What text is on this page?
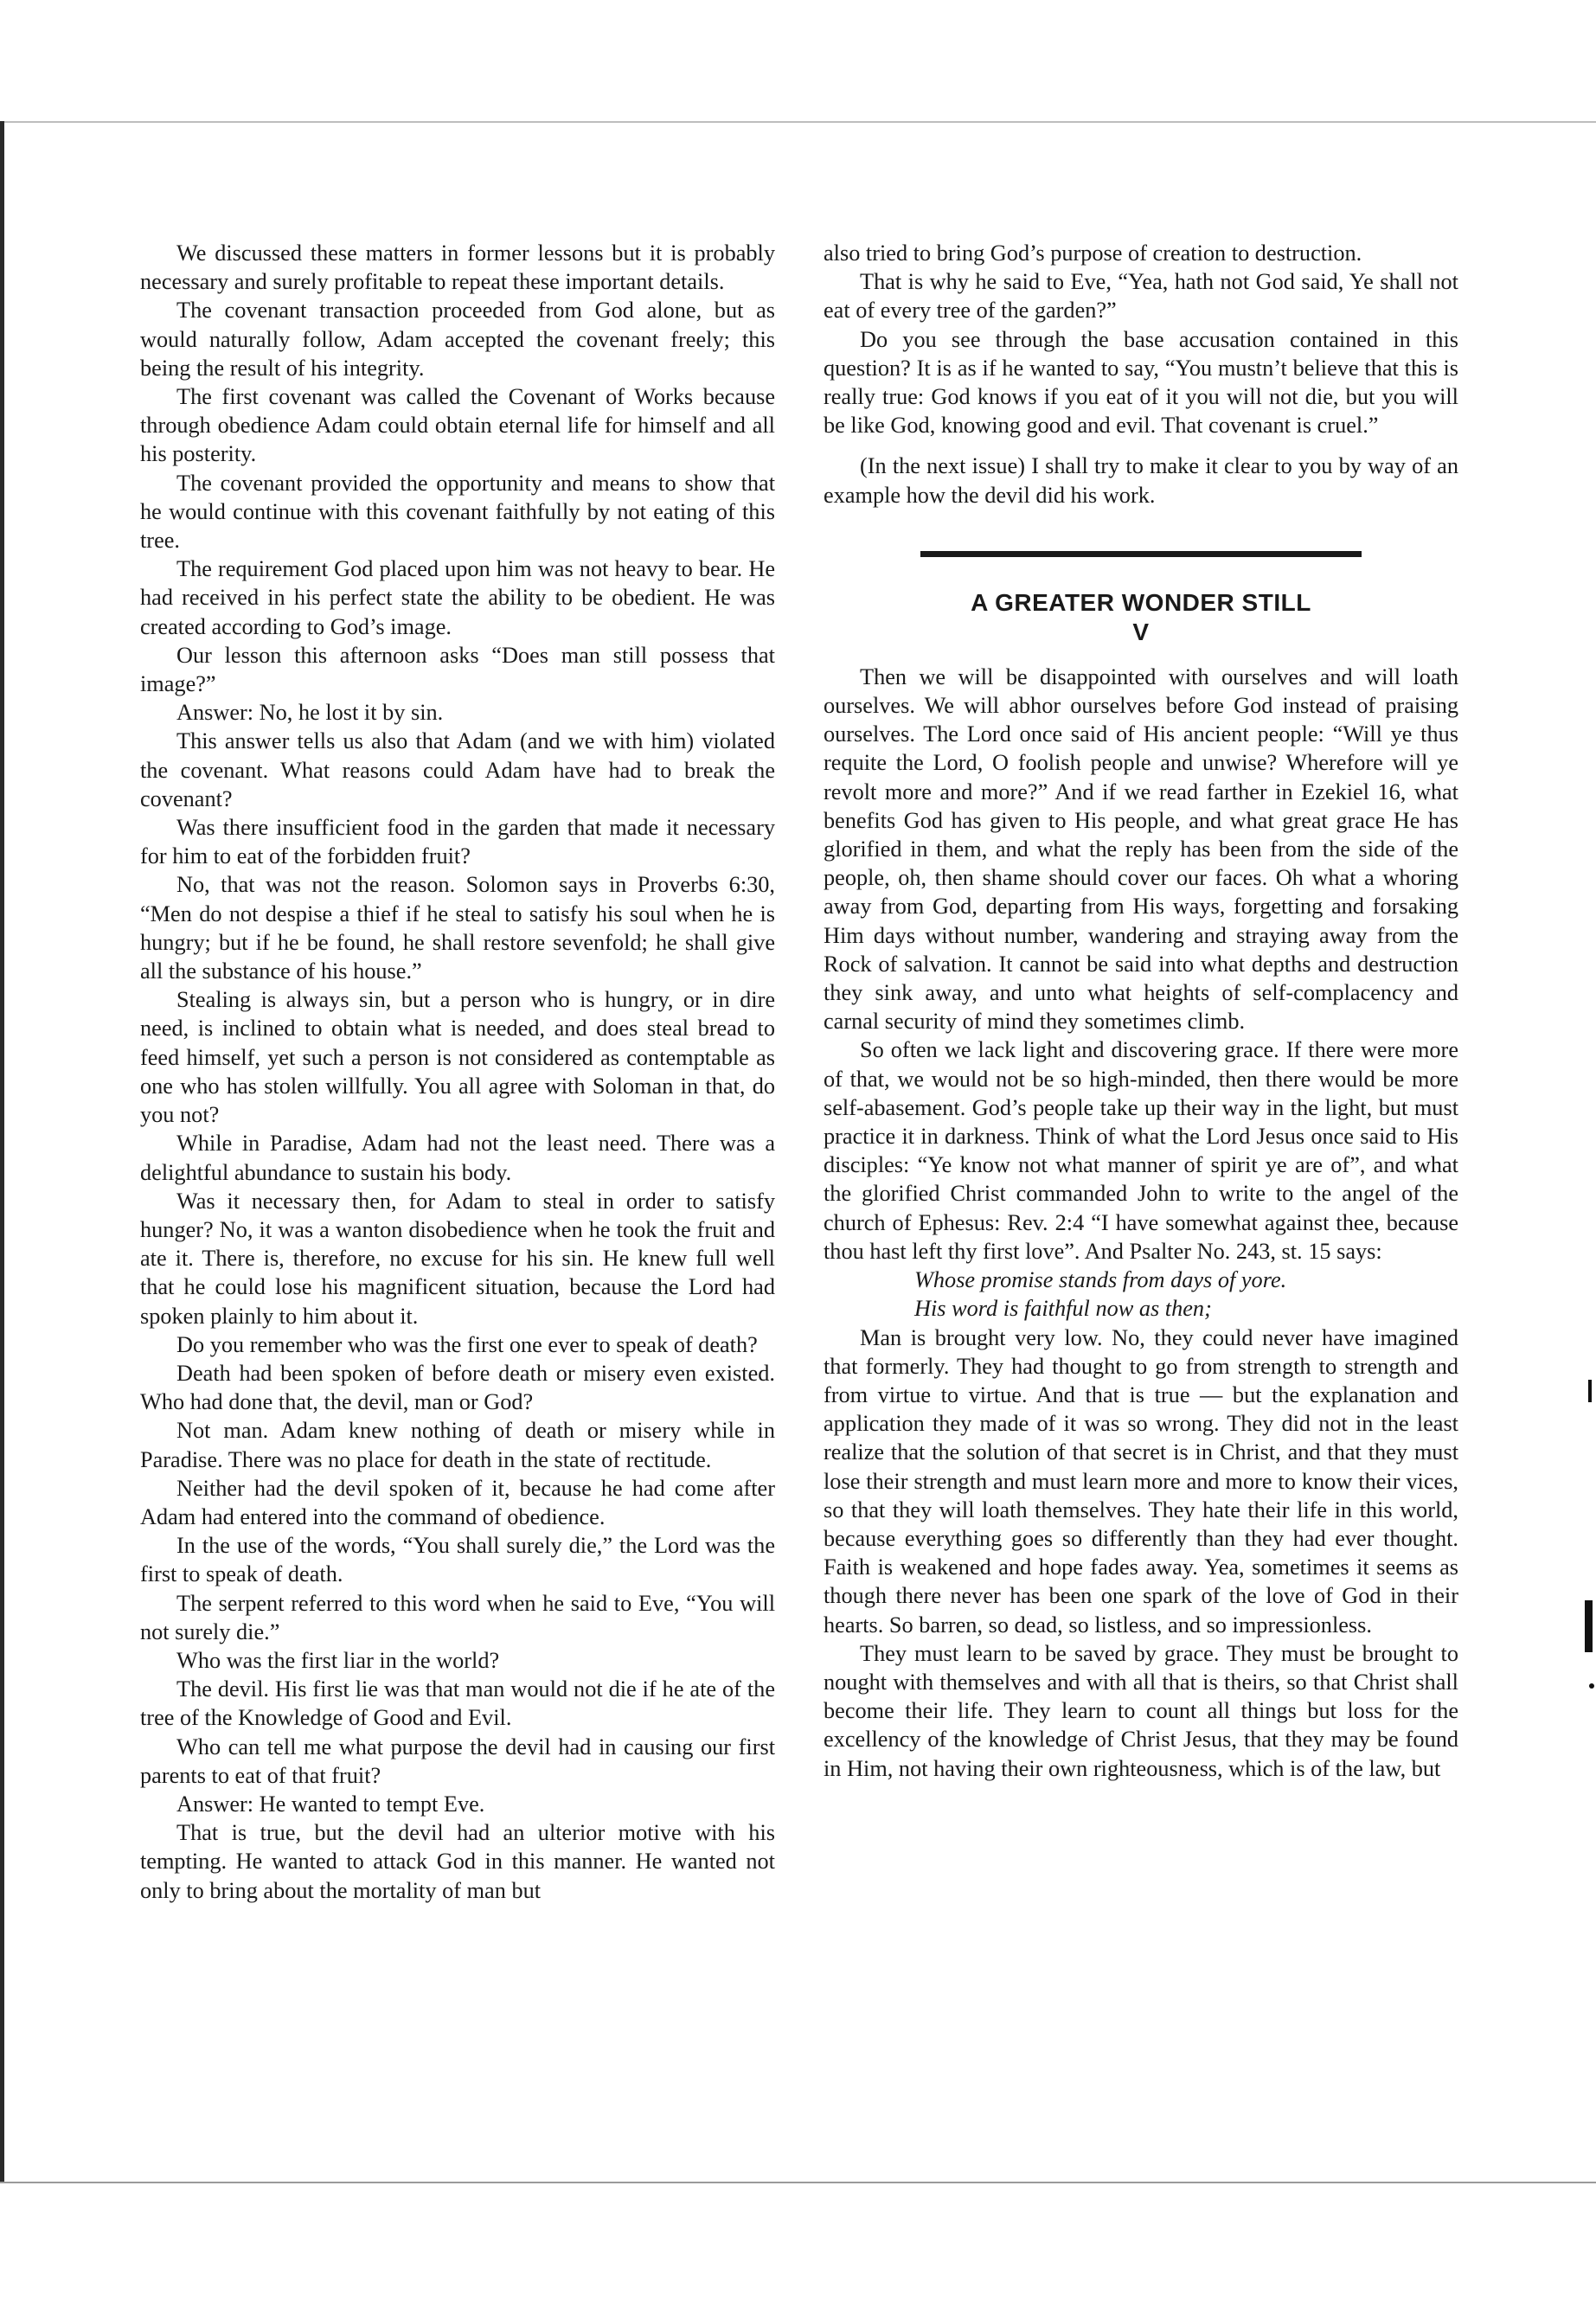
We discussed these matters in former lessons but it is probably necessary and surely profitable to repeat these important details.

The covenant transaction proceeded from God alone, but as would naturally follow, Adam accepted the covenant freely; this being the result of his integrity.

The first covenant was called the Covenant of Works because through obedience Adam could obtain eternal life for himself and all his posterity.

The covenant provided the opportunity and means to show that he would continue with this covenant faithfully by not eating of this tree.

The requirement God placed upon him was not heavy to bear. He had received in his perfect state the ability to be obedient. He was created according to God’s image.

Our lesson this afternoon asks “Does man still possess that image?”

Answer: No, he lost it by sin.

This answer tells us also that Adam (and we with him) violated the covenant. What reasons could Adam have had to break the covenant?

Was there insufficient food in the garden that made it necessary for him to eat of the forbidden fruit?

No, that was not the reason. Solomon says in Proverbs 6:30, “Men do not despise a thief if he steal to satisfy his soul when he is hungry; but if he be found, he shall restore sevenfold; he shall give all the substance of his house.”

Stealing is always sin, but a person who is hungry, or in dire need, is inclined to obtain what is needed, and does steal bread to feed himself, yet such a person is not considered as contemptable as one who has stolen willfully. You all agree with Soloman in that, do you not?

While in Paradise, Adam had not the least need. There was a delightful abundance to sustain his body.

Was it necessary then, for Adam to steal in order to satisfy hunger? No, it was a wanton disobedience when he took the fruit and ate it. There is, therefore, no excuse for his sin. He knew full well that he could lose his magnificent situation, because the Lord had spoken plainly to him about it.

Do you remember who was the first one ever to speak of death?

Death had been spoken of before death or misery even existed. Who had done that, the devil, man or God?

Not man. Adam knew nothing of death or misery while in Paradise. There was no place for death in the state of rectitude.

Neither had the devil spoken of it, because he had come after Adam had entered into the command of obedience.

In the use of the words, “You shall surely die,” the Lord was the first to speak of death.

The serpent referred to this word when he said to Eve, “You will not surely die.”

Who was the first liar in the world?

The devil. His first lie was that man would not die if he ate of the tree of the Knowledge of Good and Evil.

Who can tell me what purpose the devil had in causing our first parents to eat of that fruit?

Answer: He wanted to tempt Eve.

That is true, but the devil had an ulterior motive with his tempting. He wanted to attack God in this manner. He wanted not only to bring about the mortality of man but

also tried to bring God’s purpose of creation to destruction.

That is why he said to Eve, “Yea, hath not God said, Ye shall not eat of every tree of the garden?”

Do you see through the base accusation contained in this question? It is as if he wanted to say, “You mustn’t believe that this is really true: God knows if you eat of it you will not die, but you will be like God, knowing good and evil. That covenant is cruel.”

(In the next issue) I shall try to make it clear to you by way of an example how the devil did his work.

A GREATER WONDER STILL
V

Then we will be disappointed with ourselves and will loath ourselves. We will abhor ourselves before God instead of praising ourselves. The Lord once said of His ancient people: “Will ye thus requite the Lord, O foolish people and unwise? Wherefore will ye revolt more and more?” And if we read farther in Ezekiel 16, what benefits God has given to His people, and what great grace He has glorified in them, and what the reply has been from the side of the people, oh, then shame should cover our faces. Oh what a whoring away from God, departing from His ways, forgetting and forsaking Him days without number, wandering and straying away from the Rock of salvation. It cannot be said into what depths and destruction they sink away, and unto what heights of self-complacency and carnal security of mind they sometimes climb.

So often we lack light and discovering grace. If there were more of that, we would not be so high-minded, then there would be more self-abasement. God’s people take up their way in the light, but must practice it in darkness. Think of what the Lord Jesus once said to His disciples: “Ye know not what manner of spirit ye are of”, and what the glorified Christ commanded John to write to the angel of the church of Ephesus: Rev. 2:4 “I have somewhat against thee, because thou hast left thy first love”. And Psalter No. 243, st. 15 says:

Whose promise stands from days of yore.

His word is faithful now as then;

Man is brought very low. No, they could never have imagined that formerly. They had thought to go from strength to strength and from virtue to virtue. And that is true — but the explanation and application they made of it was so wrong. They did not in the least realize that the solution of that secret is in Christ, and that they must lose their strength and must learn more and more to know their vices, so that they will loath themselves. They hate their life in this world, because everything goes so differently than they had ever thought. Faith is weakened and hope fades away. Yea, sometimes it seems as though there never has been one spark of the love of God in their hearts. So barren, so dead, so listless, and so impressionless.

They must learn to be saved by grace. They must be brought to nought with themselves and with all that is theirs, so that Christ shall become their life. They learn to count all things but loss for the excellency of the knowledge of Christ Jesus, that they may be found in Him, not having their own righteousness, which is of the law, but
